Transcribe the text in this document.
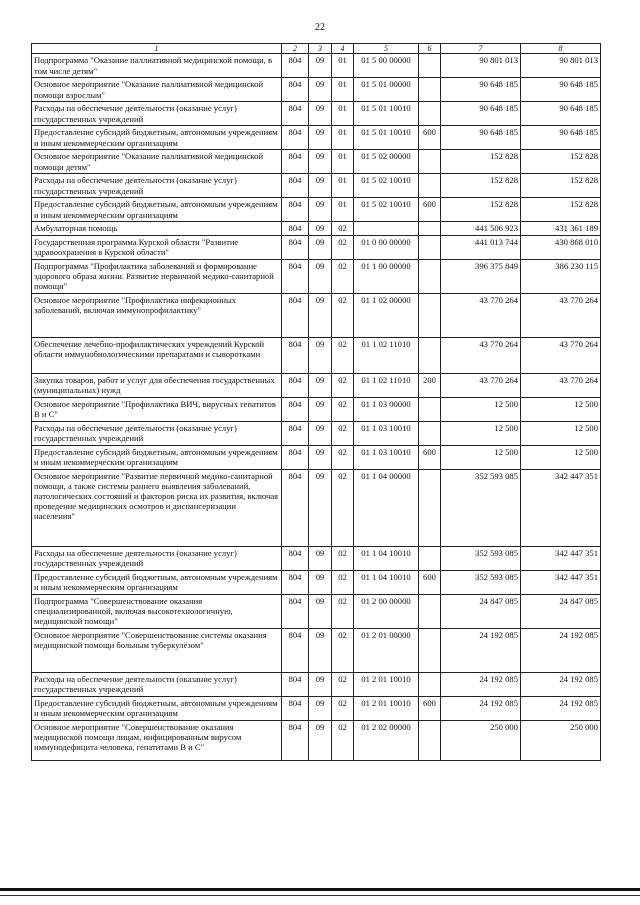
22
1	2	3	4	5	6	7	8
Подпрограмма "Оказание паллиативной медицинской помощи, в том числе детям"	804	09	01	01 5 00 00000		90 801 013	90 801 013
Основное мероприятие "Оказание паллиативной медицинской помощи взрослым"	804	09	01	01 5 01 00000		90 648 185	90 648 185
Расходы на обеспечение деятельности (оказание услуг) государственных учреждений	804	09	01	01 5 01 10010		90 648 185	90 648 185
Предоставление субсидий бюджетным, автономным учреждениям и иным некоммерческим организациям	804	09	01	01 5 01 10010	600	90 648 185	90 648 185
Основное мероприятие "Оказание паллиативной медицинской помощи детям"	804	09	01	01 5 02 00000		152 828	152 828
Расходы на обеспечение деятельности (оказание услуг) государственных учреждений	804	09	01	01 5 02 10010		152 828	152 828
Предоставление субсидий бюджетным, автономным учреждениям и иным некоммерческим организациям	804	09	01	01 5 02 10010	600	152 828	152 828
Амбулаторная помощь	804	09	02			441 506 923	431 361 189
Государственная программа Курской области "Развитие здравоохранения в Курской области"	804	09	02	01 0 00 00000		441 013 744	430 868 010
Подпрограмма "Профилактика заболеваний и формирование здорового образа жизни. Развитие первичной медико-санитарной помощи"	804	09	02	01 1 00 00000		396 375 849	386 230 115
Основное мероприятие "Профилактика инфекционных заболеваний, включая иммунопрофилактику"	804	09	02	01 1 02 00000		43 770 264	43 770 264
Обеспечение лечебно-профилактических учреждений Курской области иммунобиологическими препаратами и сыворотками	804	09	02	01 1 02 11010		43 770 264	43 770 264
Закупка товаров, работ и услуг для обеспечения государственных (муниципальных) нужд	804	09	02	01 1 02 11010	200	43 770 264	43 770 264
Основное мероприятие "Профилактика ВИЧ, вирусных гепатитов B и C"	804	09	02	01 1 03 00000		12 500	12 500
Расходы на обеспечение деятельности (оказание услуг) государственных учреждений	804	09	02	01 1 03 10010		12 500	12 500
Предоставление субсидий бюджетным, автономным учреждениям и иным некоммерческим организациям	804	09	02	01 1 03 10010	600	12 500	12 500
Основное мероприятие "Развитие первичной медико-санитарной помощи, а также системы раннего выявления заболеваний, патологических состояний и факторов риска их развития, включая проведение медицинских осмотров и диспансеризации населения"	804	09	02	01 1 04 00000		352 593 085	342 447 351
Расходы на обеспечение деятельности (оказание услуг) государственных учреждений	804	09	02	01 1 04 10010		352 593 085	342 447 351
Предоставление субсидий бюджетным, автономным учреждениям и иным некоммерческим организациям	804	09	02	01 1 04 10010	600	352 593 085	342 447 351
Подпрограмма "Совершенствование оказания специализированной, включая высокотехнологичную, медицинской помощи"	804	09	02	01 2 00 00000		24 847 085	24 847 085
Основное мероприятие "Совершенствование системы оказания медицинской помощи больным туберкулёзом"	804	09	02	01 2 01 00000		24 192 085	24 192 085
Расходы на обеспечение деятельности (оказание услуг) государственных учреждений	804	09	02	01 2 01 10010		24 192 085	24 192 085
Предоставление субсидий бюджетным, автономным учреждениям и иным некоммерческим организациям	804	09	02	01 2 01 10010	600	24 192 085	24 192 085
Основное мероприятие "Совершенствование оказания медицинской помощи лицам, инфицированным вирусом иммунодефицита человека, гепатитами B и C"	804	09	02	01 2 02 00000		250 000	250 000
